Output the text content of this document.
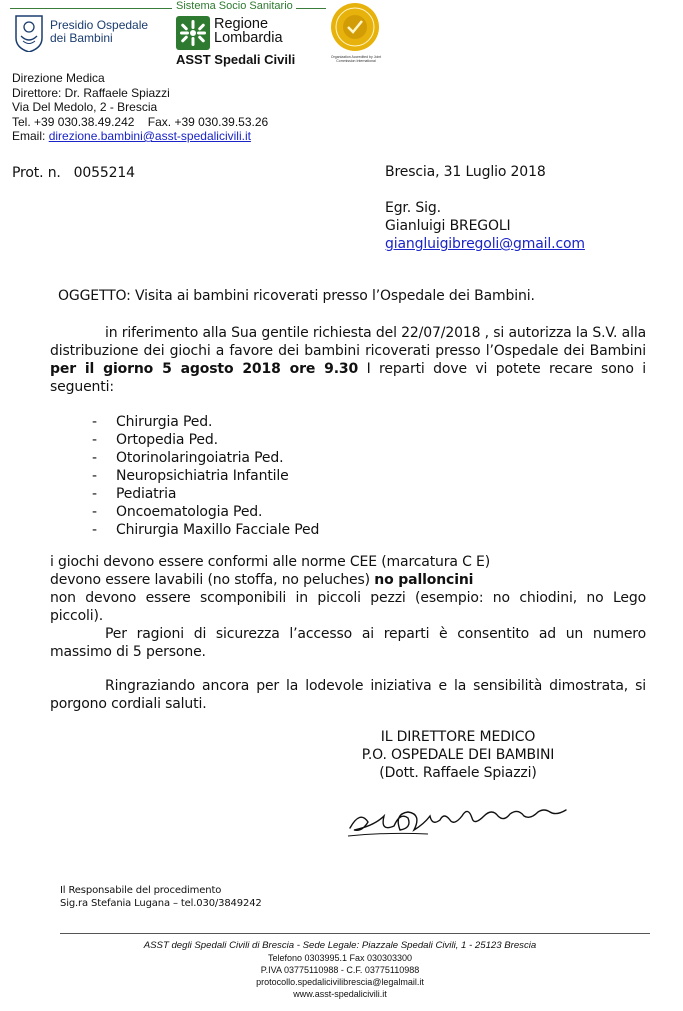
Sistema Socio Sanitario
Presidio Ospedale
dei Bambini
Regione
Lombardia
ASST Spedali Civili	Organization Accredited by Joint Commission International
Direzione Medica
Direttore: Dr. Raffaele Spiazzi
Via Del Medolo, 2 - Brescia
Tel. +39 030.38.49.242    Fax. +39 030.39.53.26
Email: direzione.bambini@asst-spedalicivili.it
Prot. n.   0055214	Brescia, 31 Luglio 2018
Egr. Sig.
Gianluigi BREGOLI
giangluigibregoli@gmail.com
OGGETTO: Visita ai bambini ricoverati presso l’Ospedale dei Bambini.
in riferimento alla Sua gentile richiesta del 22/07/2018 , si autorizza la S.V. alla distribuzione dei giochi a favore dei bambini ricoverati presso l’Ospedale dei Bambini per il giorno 5 agosto 2018 ore 9.30 I reparti dove vi potete recare sono i seguenti:
- Chirurgia Ped.
- Ortopedia Ped.
- Otorinolaringoiatria Ped.
- Neuropsichiatria Infantile
- Pediatria
- Oncoematologia Ped.
- Chirurgia Maxillo Facciale Ped
i giochi devono essere conformi alle norme CEE (marcatura C E)
devono essere lavabili (no stoffa, no peluches) no palloncini
non devono essere scomponibili in piccoli pezzi (esempio: no chiodini, no Lego piccoli).
Per ragioni di sicurezza l’accesso ai reparti è consentito ad un numero massimo di 5 persone.
Ringraziando ancora per la lodevole iniziativa e la sensibilità dimostrata, si porgono cordiali saluti.
IL DIRETTORE MEDICO
P.O. OSPEDALE DEI BAMBINI
(Dott. Raffaele Spiazzi)
Il Responsabile del procedimento
Sig.ra Stefania Lugana – tel.030/3849242
ASST degli Spedali Civili di Brescia - Sede Legale: Piazzale Spedali Civili, 1 - 25123 Brescia
Telefono 0303995.1 Fax 030303300
P.IVA 03775110988 - C.F. 03775110988
protocollo.spedalicivilibrescia@legalmail.it
www.asst-spedalicivili.it
